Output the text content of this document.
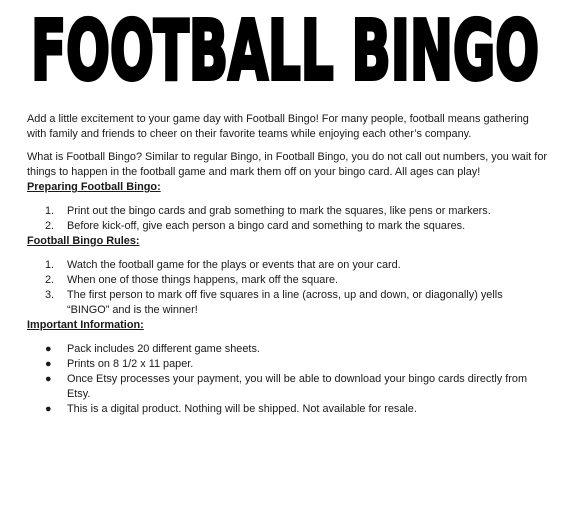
FOOTBALL BINGO

Add a little excitement to your game day with Football Bingo! For many people, football means gathering with family and friends to cheer on their favorite teams while enjoying each other’s company.

What is Football Bingo? Similar to regular Bingo, in Football Bingo, you do not call out numbers, you wait for things to happen in the football game and mark them off on your bingo card. All ages can play!

Preparing Football Bingo:

1. Print out the bingo cards and grab something to mark the squares, like pens or markers.
2. Before kick-off, give each person a bingo card and something to mark the squares.

Football Bingo Rules:

1. Watch the football game for the plays or events that are on your card.
2. When one of those things happens, mark off the square.
3. The first person to mark off five squares in a line (across, up and down, or diagonally) yells “BINGO” and is the winner!

Important Information:

● Pack includes 20 different game sheets.
● Prints on 8 1/2 x 11 paper.
● Once Etsy processes your payment, you will be able to download your bingo cards directly from Etsy.
● This is a digital product. Nothing will be shipped. Not available for resale.
